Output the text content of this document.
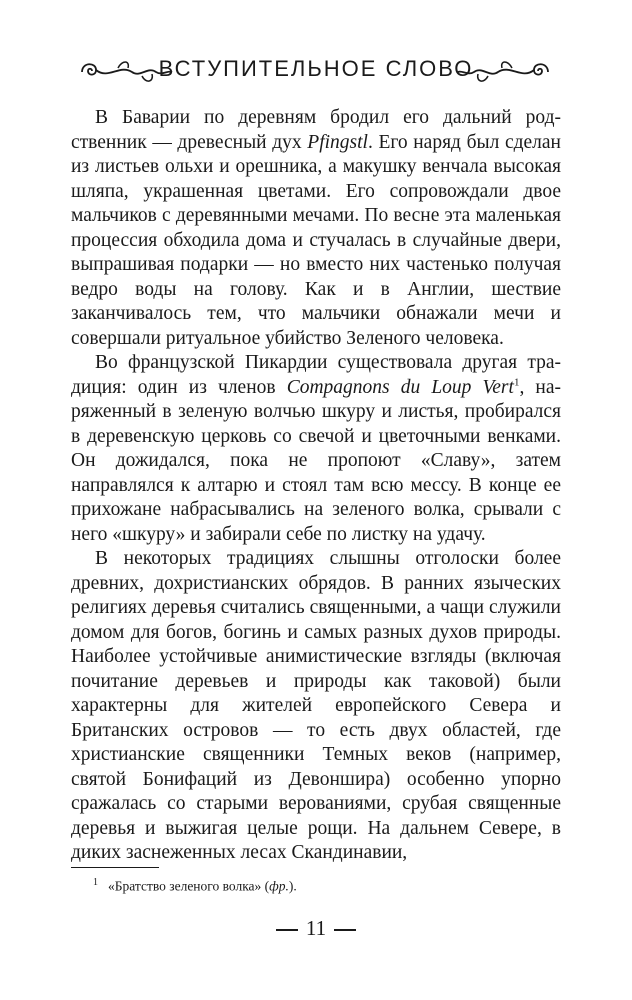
ВСТУПИТЕЛЬНОЕ СЛОВО

В Баварии по деревням бродил его дальний родственник — древесный дух Pfingstl. Его наряд был сделан из листьев ольхи и орешника, а макушку венчала высокая шляпа, украшенная цветами. Его сопровождали двое мальчиков с деревянными мечами. По весне эта маленькая процессия обходила дома и стучалась в случайные двери, выпрашивая подарки — но вместо них частенько получая ведро воды на голову. Как и в Англии, шествие заканчивалось тем, что мальчики обнажали мечи и совершали ритуальное убийство Зеленого человека.

Во французской Пикардии существовала другая традиция: один из членов Compagnons du Loup Vert$^1$, наряженный в зеленую волчью шкуру и листья, пробирался в деревенскую церковь со свечой и цветочными венками. Он дожидался, пока не пропоют «Славу», затем направлялся к алтарю и стоял там всю мессу. В конце ее прихожане набрасывались на зеленого волка, срывали с него «шкуру» и забирали себе по листку на удачу.

В некоторых традициях слышны отголоски более древних, дохристианских обрядов. В ранних языческих религиях деревья считались священными, а чащи служили домом для богов, богинь и самых разных духов природы. Наиболее устойчивые анимистические взгляды (включая почитание деревьев и природы как таковой) были характерны для жителей европейского Севера и Британских островов — то есть двух областей, где христианские священники Темных веков (например, святой Бонифаций из Девоншира) особенно упорно сражалась со старыми верованиями, срубая священные деревья и выжигая целые рощи. На дальнем Севере, в диких заснеженных лесах Скандинавии,

$^1$ «Братство зеленого волка» (фр.).
11
